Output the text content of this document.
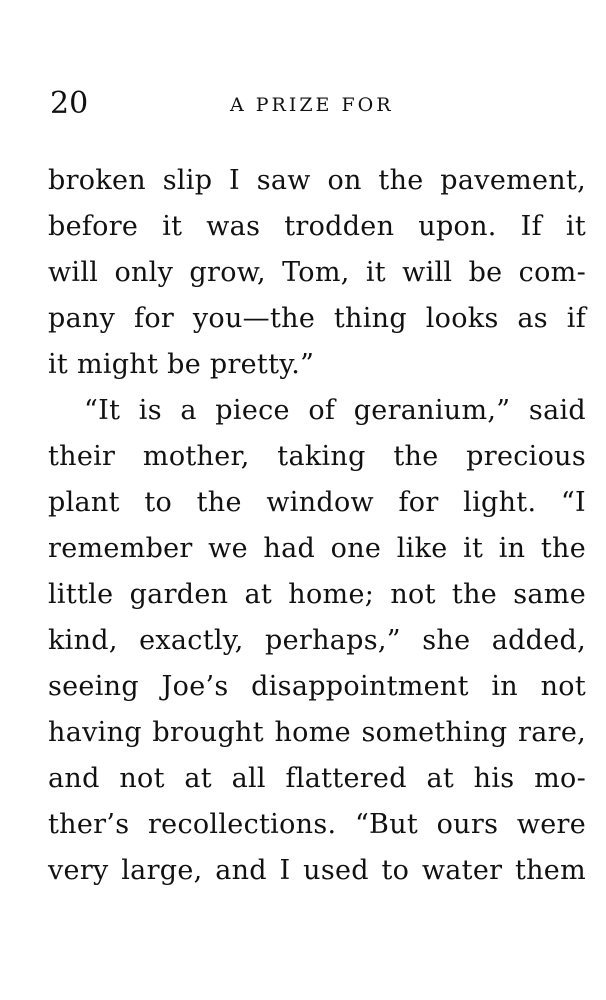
20	A PRIZE FOR
broken slip I saw on the pavement,
before it was trodden upon. If it
will only grow, Tom, it will be com-
pany for you—the thing looks as if
it might be pretty.”
“It is a piece of geranium,” said
their mother, taking the precious
plant to the window for light. “I
remember we had one like it in the
little garden at home; not the same
kind, exactly, perhaps,” she added,
seeing Joe’s disappointment in not
having brought home something rare,
and not at all flattered at his mo-
ther’s recollections. “But ours were
very large, and I used to water them
